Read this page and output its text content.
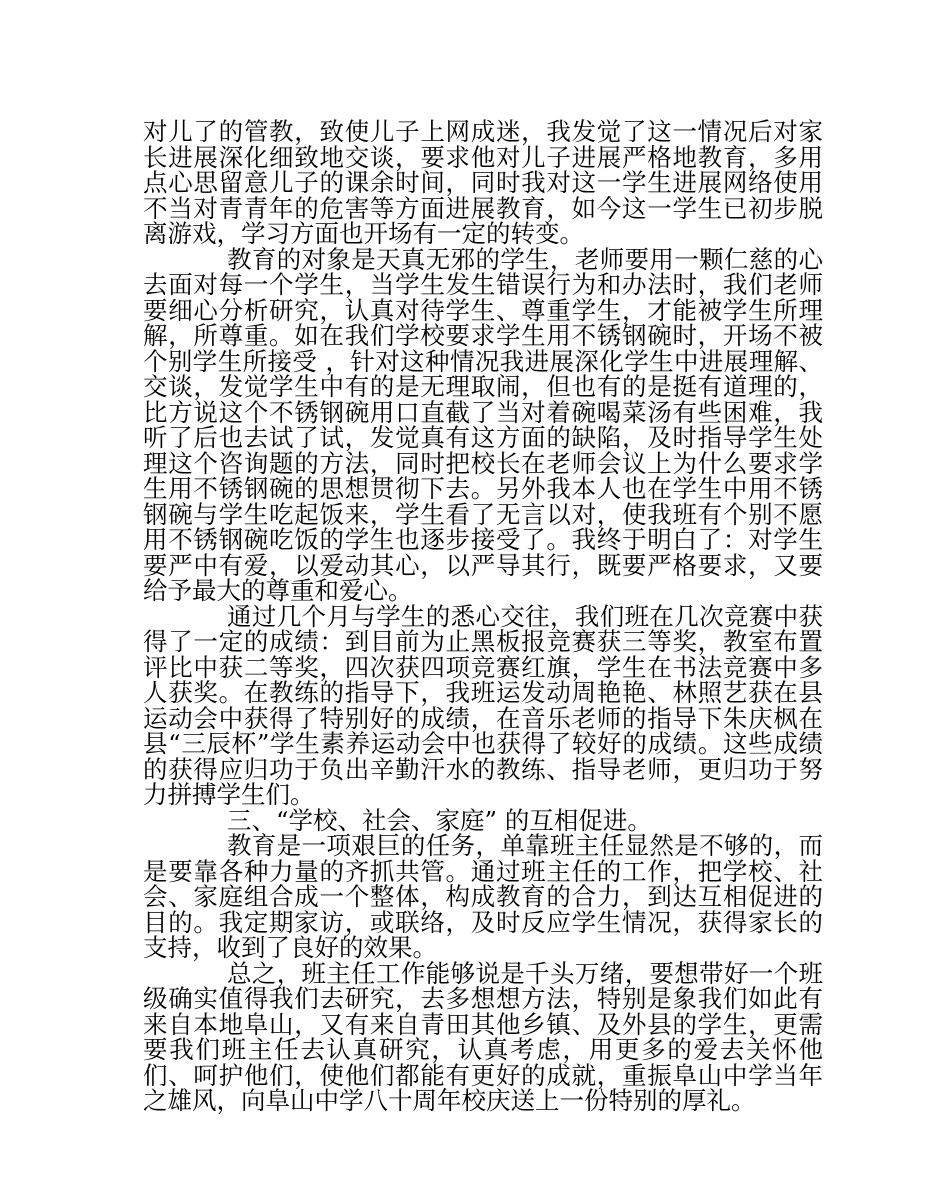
对儿了的管教，致使儿子上网成迷，我发觉了这一情况后对家长进展深化细致地交谈，要求他对儿子进展严格地教育，多用点心思留意儿子的课余时间，同时我对这一学生进展网络使用不当对青青年的危害等方面进展教育，如今这一学生已初步脱离游戏，学习方面也开场有一定的转变。

教育的对象是天真无邪的学生，老师要用一颗仁慈的心去面对每一个学生，当学生发生错误行为和办法时，我们老师要细心分析研究，认真对待学生、尊重学生，才能被学生所理解，所尊重。如在我们学校要求学生用不锈钢碗时，开场不被个别学生所接受 ，针对这种情况我进展深化学生中进展理解、交谈，发觉学生中有的是无理取闹，但也有的是挺有道理的，比方说这个不锈钢碗用口直截了当对着碗喝菜汤有些困难，我听了后也去试了试，发觉真有这方面的缺陷，及时指导学生处理这个咨询题的方法，同时把校长在老师会议上为什么要求学生用不锈钢碗的思想贯彻下去。另外我本人也在学生中用不锈钢碗与学生吃起饭来，学生看了无言以对，使我班有个别不愿用不锈钢碗吃饭的学生也逐步接受了。我终于明白了：对学生要严中有爱，以爱动其心，以严导其行，既要严格要求，又要给予最大的尊重和爱心。

通过几个月与学生的悉心交往，我们班在几次竞赛中获得了一定的成绩：到目前为止黑板报竞赛获三等奖，教室布置评比中获二等奖，四次获四项竞赛红旗，学生在书法竞赛中多人获奖。在教练的指导下，我班运发动周艳艳、林照艺获在县运动会中获得了特别好的成绩，在音乐老师的指导下朱庆枫在县“三辰杯”学生素养运动会中也获得了较好的成绩。这些成绩的获得应归功于负出辛勤汗水的教练、指导老师，更归功于努力拼搏学生们。

三、“学校、社会、家庭” 的互相促进。

教育是一项艰巨的任务，单靠班主任显然是不够的，而是要靠各种力量的齐抓共管。通过班主任的工作，把学校、社会、家庭组合成一个整体，构成教育的合力，到达互相促进的目的。我定期家访，或联络，及时反应学生情况，获得家长的支持，收到了良好的效果。

总之，班主任工作能够说是千头万绪，要想带好一个班级确实值得我们去研究，去多想想方法，特别是象我们如此有来自本地阜山，又有来自青田其他乡镇、及外县的学生，更需要我们班主任去认真研究，认真考虑，用更多的爱去关怀他们、呵护他们，使他们都能有更好的成就，重振阜山中学当年之雄风，向阜山中学八十周年校庆送上一份特别的厚礼。
